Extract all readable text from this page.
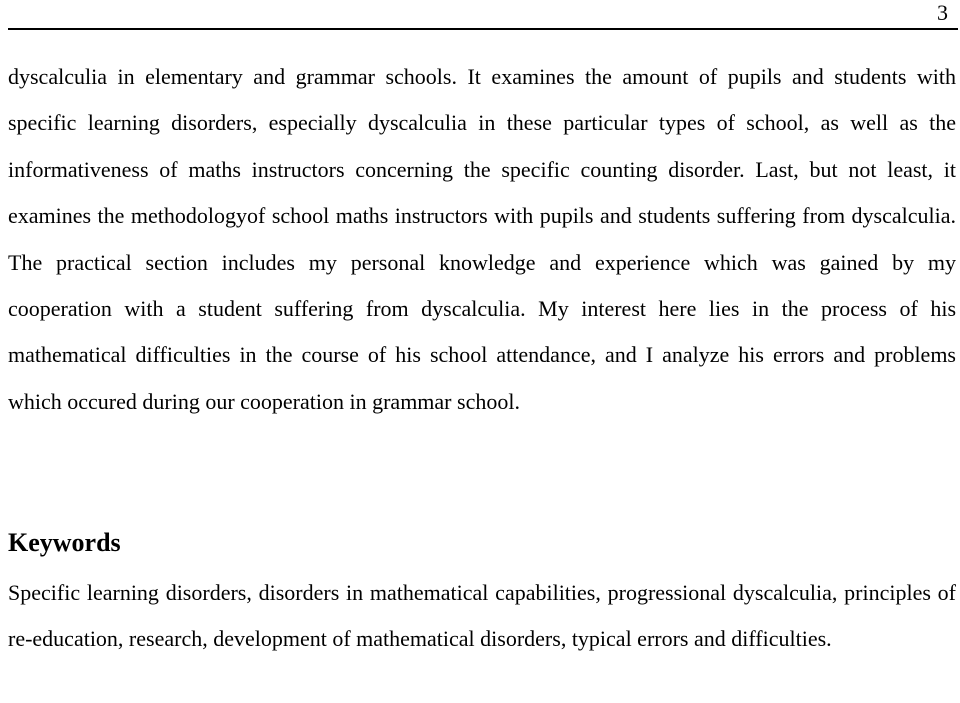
3

dyscalculia in elementary and grammar schools. It examines the amount of pupils and students with specific learning disorders, especially dyscalculia in these particular types of school, as well as the informativeness of maths instructors concerning the specific counting disorder. Last, but not least, it examines the methodologyof school maths instructors with pupils and students suffering from dyscalculia. The practical section includes my personal knowledge and experience which was gained by my cooperation with a student suffering from dyscalculia. My interest here lies in the process of his mathematical difficulties in the course of his school attendance, and I analyze his errors and problems which occured during our cooperation in grammar school.

Keywords

Specific learning disorders, disorders in mathematical capabilities, progressional dyscalculia, principles of re-education, research, development of mathematical disorders, typical errors and difficulties.
